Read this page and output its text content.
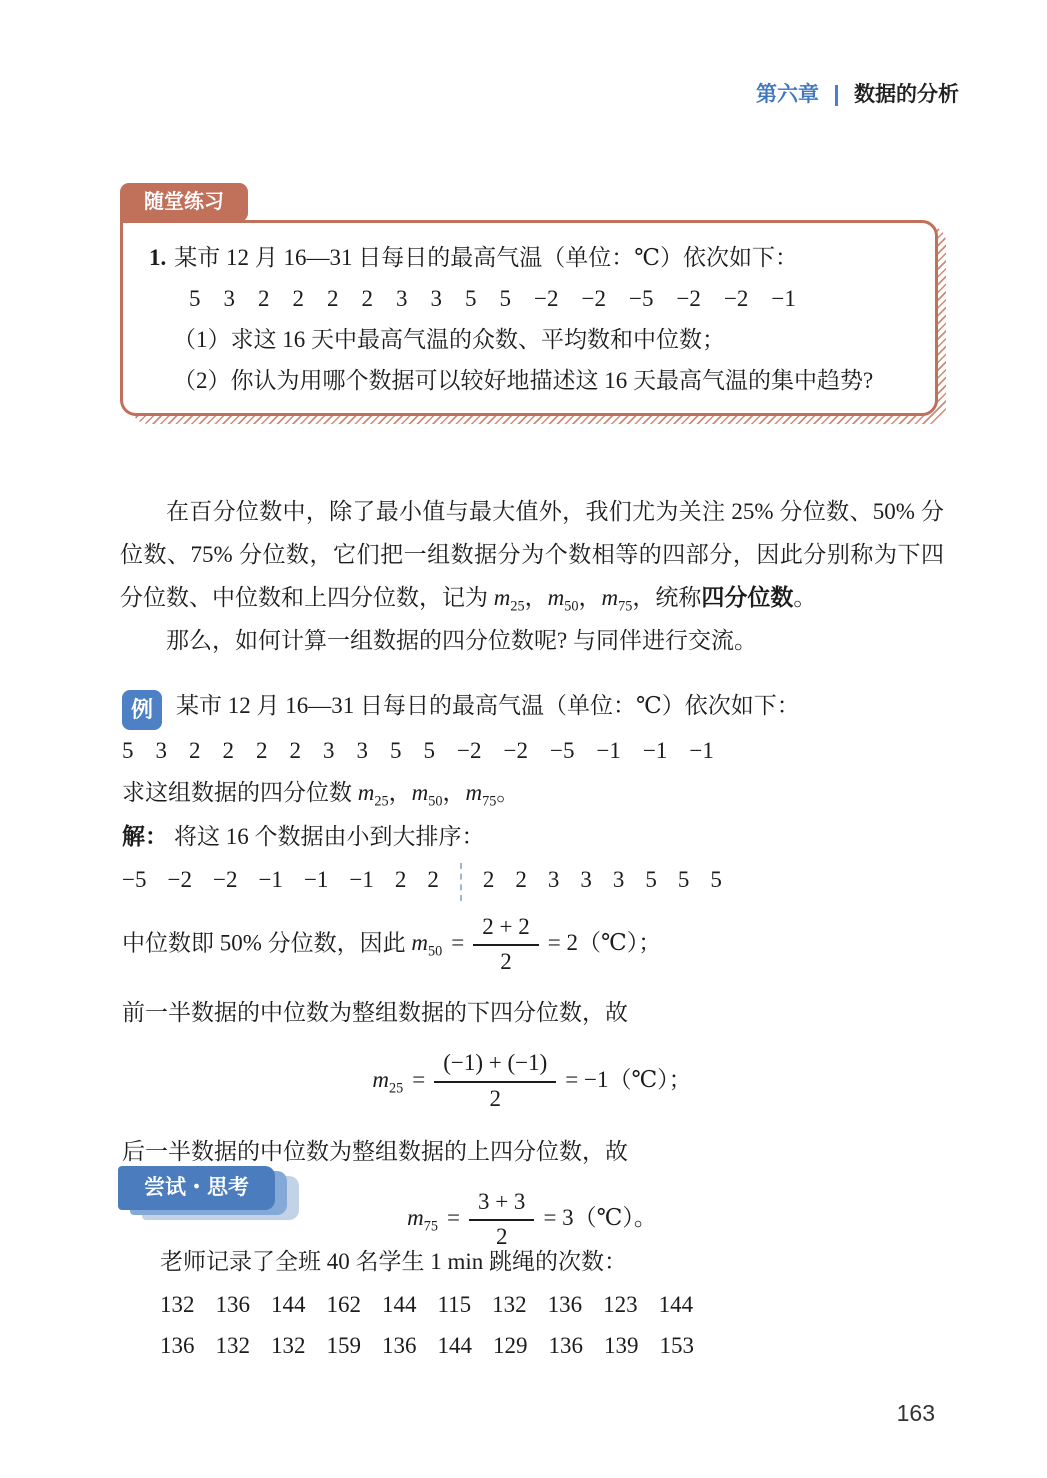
第六章 数据的分析
随堂练习

1. 某市 12 月 16—31 日每日的最高气温（单位：℃）依次如下：

5 3 2 2 2 2 3 3 5 5 −2 −2 −5 −2 −2 −1

（1）求这 16 天中最高气温的众数、平均数和中位数；

（2）你认为用哪个数据可以较好地描述这 16 天最高气温的集中趋势?

在百分位数中，除了最小值与最大值外，我们尤为关注 25% 分位数、50% 分位数、75% 分位数，它们把一组数据分为个数相等的四部分，因此分别称为下四分位数、中位数和上四分位数，记为 $m_{25}$，$m_{50}$，$m_{75}$，统称四分位数。

那么，如何计算一组数据的四分位数呢? 与同伴进行交流。

例 某市 12 月 16—31 日每日的最高气温（单位：℃）依次如下：

5 3 2 2 2 2 3 3 5 5 −2 −2 −5 −1 −1 −1

求这组数据的四分位数 $m_{25}$，$m_{50}$，$m_{75}$。

解： 将这 16 个数据由小到大排序：

−5 −2 −2 −1 −1 −1 2 2 2 2 3 3 3 5 5 5

中位数即 50% 分位数，因此 $m_{50} = \frac{2 + 2}{2}$ = 2（℃）；

前一半数据的中位数为整组数据的下四分位数，故

$m_{25} = \frac{(-1) + (-1)}{2}$ = −1（℃）；

后一半数据的中位数为整组数据的上四分位数，故

$m_{75} = \frac{3 + 3}{2}$ = 3（℃）。
尝试・思考

老师记录了全班 40 名学生 1 min 跳绳的次数：

132 136 144 162 144 115 132 136 123 144
136 132 132 159 136 144 129 136 139 153
163
